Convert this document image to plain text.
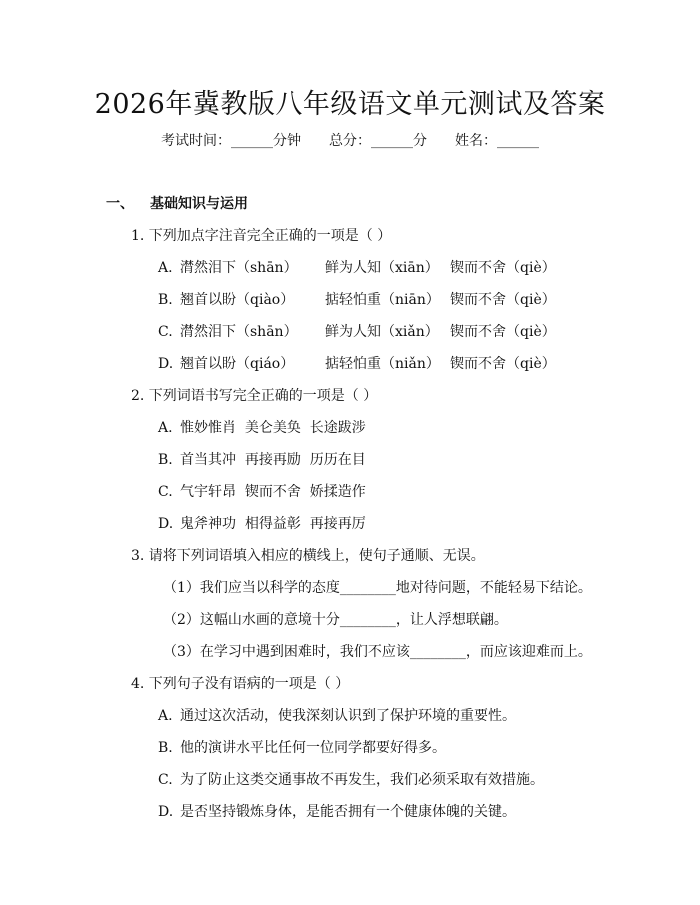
2026年冀教版八年级语文单元测试及答案
考试时间：______分钟 总分：______分 姓名：______
一、 基础知识与运用
1. 下列加点字注音完全正确的一项是（ ）
A. 潸然泪下（shān） 鲜为人知（xiān） 锲而不舍（qiè）
B. 翘首以盼（qiào） 掂轻怕重（niān） 锲而不舍（qiè）
C. 潸然泪下（shān） 鲜为人知（xiǎn） 锲而不舍（qiè）
D. 翘首以盼（qiáo） 掂轻怕重（niǎn） 锲而不舍（qiè）
2. 下列词语书写完全正确的一项是（ ）
A. 惟妙惟肖  美仑美奂  长途跋涉
B. 首当其冲  再接再励  历历在目
C. 气宇轩昂  锲而不舍  娇揉造作
D. 鬼斧神功  相得益彰  再接再厉
3. 请将下列词语填入相应的横线上，使句子通顺、无误。
（1）我们应当以科学的态度________地对待问题，不能轻易下结论。
（2）这幅山水画的意境十分________，让人浮想联翩。
（3）在学习中遇到困难时，我们不应该________，而应该迎难而上。
4. 下列句子没有语病的一项是（ ）
A. 通过这次活动，使我深刻认识到了保护环境的重要性。
B. 他的演讲水平比任何一位同学都要好得多。
C. 为了防止这类交通事故不再发生，我们必须采取有效措施。
D. 是否坚持锻炼身体，是能否拥有一个健康体魄的关键。
